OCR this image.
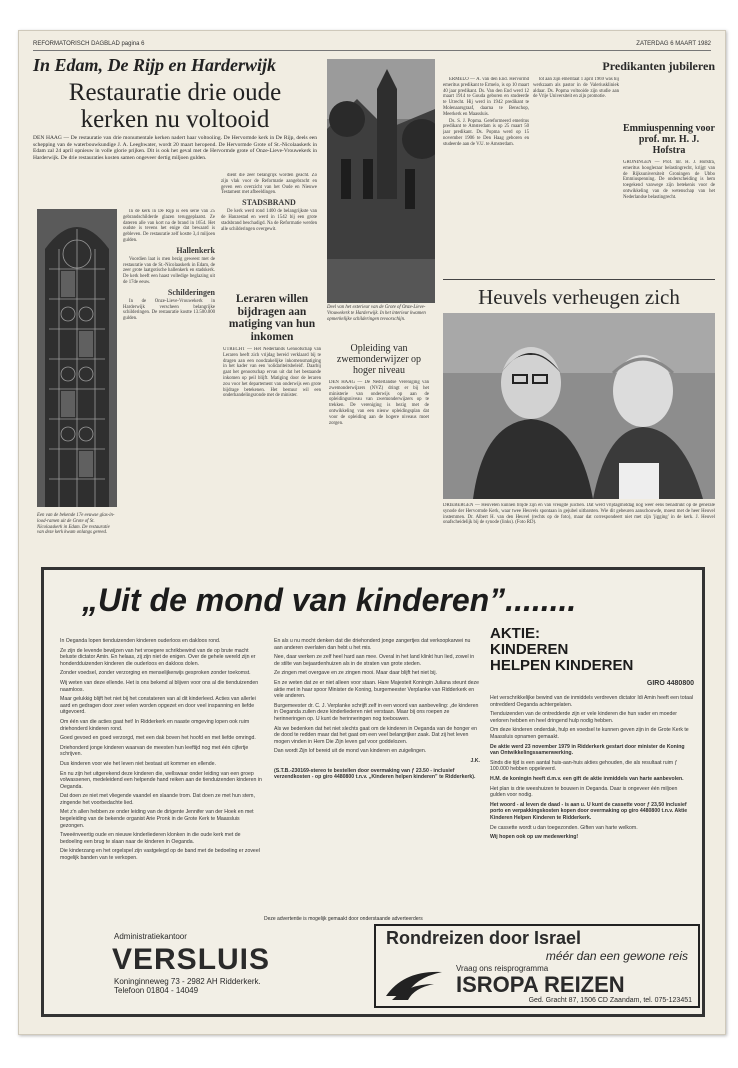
REFORMATORISCH DAGBLAD pagina 6	ZATERDAG 6 MAART 1982
In Edam, De Rijp en Harderwijk
Restauratie drie oude kerken nu voltooid
DEN HAAG — De restauratie van drie monumentale kerken nadert haar voltooiing. De Hervormde kerk in De Rijp, deels een schepping van de waterbouwkundige J. A. Leeghwater, wordt 20 maart heropend. De Hervormde Grote of St.-Nicolaaskerk in Edam zal 24 april opnieuw in volle glorie prijken. Dit is ook het geval met de Hervormde grote of Onze-Lieve-Vrouwekerk in Harderwijk. De drie restauraties kosten samen ongeveer dertig miljoen gulden.
Een van de bekende 17e eeuwse glas-in-lood-ramen uit de Grote of St. Nicolaaskerk in Edam. De restauratie van deze kerk kwam onlangs gereed.

In de kerk in De Rijp is een serie van 25 gebrandschilderde glazen teruggeplaatst. Ze dateren alle van kort na de brand in 1654. Het oudste is tevens het enige dat bewaard is gebleven. De restauratie zelf kostte 3,4 miljoen gulden.

Hallenkerk

Voordien laat is men bezig geweest met de restauratie van de St.-Nicolaaskerk in Edam, de zeer grote laatgotische hallenkerk en stadskerk. De kerk heeft een haast volledige beglazing uit de 17de eeuw.

Schilderingen

In de Onze-Lieve-Vrouwekerk in Harderwijk verscheen belangrijke schilderingen. De restauratie kostte 13.500.000 gulden.

dient die zeer belangrijk worden geacht. Zo zijn vlak voor de Reformatie aangebracht en geven een overzicht van het Oude en Nieuwe Testament met afbeeldingen.

STADSBRAND

De kerk werd rond 1400 de belangrijkste van de Hanzestad en werd in 1542 bij een grote stadsbrand beschadigd. Na de Reformatie werden alle schilderingen overgewit.

Deel van het exterieur van de Grote of Onze-Lieve-Vrouwekerk te Harderwijk. In het interieur kwamen opmerkelijke schilderingen tevoorschijn.
Leraren willen bijdragen aan matiging van hun inkomen
UTRECHT — Het Nederlands Genootschap van Leraren heeft zich vrijdag bereid verklaard bij te dragen aan een noodzakelijke inkomensmatiging in het kader van een 'solidariteitsbeleid'. Daarbij gaat het genootschap ervan uit dat het bestaande inkomen op peil blijft. Matiging door de leraren zou voor het departement van onderwijs een grote bijdrage betekenen. Het bestuur wil een onderhandelingsronde met de minister.
Opleiding van zwemonderwijzer op hoger niveau
DEN HAAG — De Nederlandse Vereniging van zwemonderwijzers (NVZ) dringt er bij het ministerie van onderwijs op aan de opleidingsniveau van zwemonderwijzers op te trekken. De vereniging is bezig met de ontwikkeling van een nieuw opleidingsplan dat voor de opleiding aan de hogere niveaus moet zorgen.
Predikanten jubileren

ERMELO — A. van den End. Hervormd emeritus predikant te Ermelo, is op 10 maart 40 jaar predikant. Ds. Van den End werd 12 maart 1914 te Gouda geboren en studeerde te Utrecht. Hij werd in 1942 predikant te Molenaarsgraaf, daarna te Benschop, Meerkerk en Maassluis.

Ds. S. J. Popma. Gereformeerd emeritus predikant te Amsterdam is op 25 maart 50 jaar predikant. Ds. Popma werd op 15 november 1906 te Den Haag geboren en studeerde aan de V.U. te Amsterdam.

tot aan zijn emeritaat 1 april 1969 was hij werkzaam als pastor in de Valeriuskliniek aldaar. Ds. Popma voltooide zijn studie aan de Vrije Universiteit en zijn promotie.

Emmiuspenning voor prof. mr. H. J. Hofstra
GRONINGEN — Prof. mr. H. J. Hofstra, emeritus hoogleraar belastingrecht, krijgt van de Rijksuniversiteit Groningen de Ubbo Emmiuspenning. De onderscheiding is hem toegekend vanwege zijn betekenis voor de ontwikkeling van de wetenschap van het Nederlandse belastingrecht.
Heuvels verheugen zich
DRIEBERGEN — Heuvelen kunnen blijde zijn en van vreugde juichen. Dat werd vrijdagmiddag nog weer eens benadrukt op de generale synode der Hervormde Kerk, waar twee Heuvels spontaan in gejubel uitbarsten. Wie dit gebeuren aanschouwde, moest met de heer Heuvel instemmen. Dr. Albert H. van den Heuvel (rechts op de foto), maar dat correspondeert niet met zijn 'jigging' in de kerk. J. Heuvel onafscheidelijk bij de synode (links). (Foto RD).
„Uit de mond van kinderen”........

In Oeganda lopen tienduizenden kinderen ouderloos en dakloos rond.

Ze zijn de levende bewijzen van het vroegere schrikbewind van de op brute macht beluste dictator Amin. En helaas, zij zijn niet de enigen. Over de gehele wereld zijn er honderdduizenden kinderen die ouderloos en dakloos dolen.

Zonder voedsel, zonder verzorging en menselijkerwijs gesproken zonder toekomst.

Wij weten van deze ellende. Het is ons bekend al blijven voor ons al die tienduizenden naamloos.

Maar gelukkig blijft het niet bij het constateren van al dit kinderleed. Acties van allerlei aard en gedragen door zeer velen worden opgezet en door veel inspanning en liefde uitgevoerd.

Om één van die acties gaat het! In Ridderkerk en naaste omgeving lopen ook ruim driehonderd kinderen rond.

Goed gevoed en goed verzorgd, met een dak boven het hoofd en met liefde omringd.

Driehonderd jonge kinderen waarvan de meesten hun leeftijd nog met één cijfertje schrijven.

Dus kinderen voor wie het leven niet bestaat uit kommer en ellende.

En nu zijn het uitgerekend deze kinderen die, wellswaar onder leiding van een groep volwassenen, medeleidend een helpende hand reiken aan de tienduizenden kinderen in Oeganda.

Dat doen ze niet met vliegende vaandel en slaande trom. Dat doen ze met hun stem, zingende het voorbedachte lied.

Met z'n allen hebben ze onder leiding van de dirigente Jennifer van der Hoek en met begeleiding van de bekende organist Arie Pronk in de Grote Kerk te Maassluis gezongen.

Tweeënveertig oude en nieuwe kinderliederen klonken in die oude kerk met de bedoeling een brug te slaan naar de kinderen in Oeganda.

Die kinderzang en het orgelspel zijn vastgelegd op de band met de bedoeling er zoveel mogelijk banden van te verkopen.

En als u nu mocht denken dat die driehonderd jonge zangertjes dat verkoopkarwei nu aan anderen overlaten dan hebt u het mis.

Nee, daar werken ze zelf heel hard aan mee. Overal in het land klinkt hun lied, zowel in de stilte van bejaardenhuizen als in de straten van grote steden.

Ze zingen met overgave en ze zingen mooi. Maar daar blijft het niet bij.

En ze weten dat ze er niet alleen voor staan. Hare Majesteit Koningin Juliana steunt deze aktie met in haar spoor Minister de Koning, burgemeester Verplanke van Ridderkerk en vele anderen.

Burgemeester dr. C. J. Verplanke schrijft zelf in een woord van aanbeveling: „de kinderen in Oeganda zullen deze kinderliederen niet verstaan. Maar bij ons roepen ze herinneringen op. U kunt de herinneringen nog toebouwen.

Als we bedenken dat het niet slechts gaat om de kinderen in Oeganda van de honger en de dood te redden maar dat het gaat om een veel belangrijker zaak. Dat zij het leven mogen vinden in Hem Die Zijn leven gaf voor goddelozen.

Dan wordt Zijn lof bereid uit de mond van kinderen en zuigelingen.

J.K.

(S.T.B.-230169-stereo te bestellen door overmaking van ƒ 23.50 - inclusief verzendkosten - op giro 4480800 t.n.v. „Kinderen helpen kinderen” te Ridderkerk).

AKTIE:
KINDEREN
HELPEN KINDEREN
GIRO 4480800

Het verschrikkelijke bewind van de inmiddels verdreven dictator Idi Amin heeft een totaal ontredderd Oeganda achtergelaten.

Tienduizenden van de ontredderde zijn er vele kinderen die hun vader en moeder verloren hebben en heel dringend hulp nodig hebben.

Om deze kinderen onderdak, hulp en voedsel te kunnen geven zijn in de Grote Kerk te Maassluis opnamen gemaakt.

De aktie werd 23 november 1979 in Ridderkerk gestart door minister de Koning van Ontwikkelingssamenwerking.

Sinds die tijd is een aantal huis-aan-huis akties gehouden, die als resultaat ruim ƒ 100.000 hebben opgeleverd.

H.M. de koningin heeft d.m.v. een gift de aktie inmiddels van harte aanbevolen.

Het plan is drie weeshuizen te bouwen in Oeganda. Daar is ongeveer één miljoen gulden voor nodig.

Het woord - al leven de daad - is aan u. U kunt de cassette voor ƒ 23,50 inclusief porto en verpakkingskosten kopen door overmaking op giro 4480800 t.n.v. Aktie Kinderen Helpen Kinderen te Ridderkerk.

De cassette wordt u dan toegezonden. Giften van harte welkom.

Wij hopen ook op uw medewerking!

Deze advertentie is mogelijk gemaakt door onderstaande adverteerders
Administratiekantoor
VERSLUIS
Koninginneweg 73 - 2982 AH Ridderkerk.
Telefoon 01804 - 14049
Rondreizen door Israel
méér dan een gewone reis
Vraag ons reisprogramma
ISROPA REIZEN
Ged. Gracht 87, 1506 CD Zaandam, tel. 075-123451
